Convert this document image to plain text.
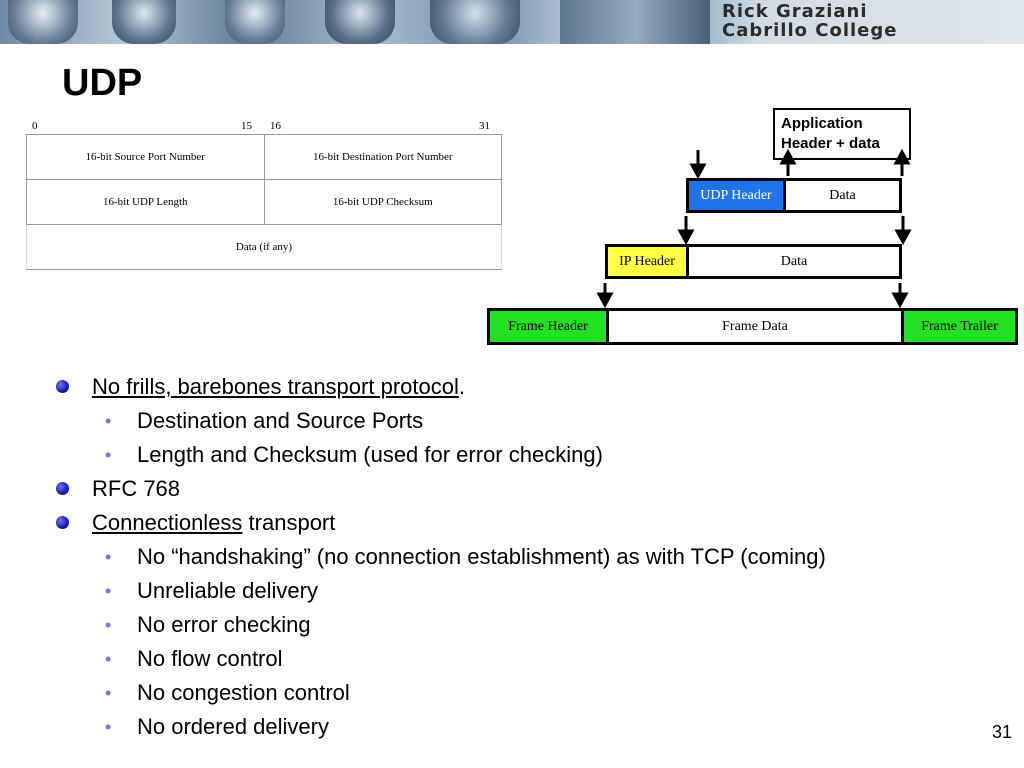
Rick Graziani
Cabrillo College
UDP
0	15 16	31
16-bit Source Port Number	16-bit Destination Port Number
16-bit UDP Length	16-bit UDP Checksum
Data (if any)
Application
Header + data
UDP Header	Data
IP Header	Data
Frame Header	Frame Data	Frame Trailer
No frills, barebones transport protocol.
• Destination and Source Ports
• Length and Checksum (used for error checking)
RFC 768
Connectionless transport
• No “handshaking” (no connection establishment) as with TCP (coming)
• Unreliable delivery
• No error checking
• No flow control
• No congestion control
• No ordered delivery	31
